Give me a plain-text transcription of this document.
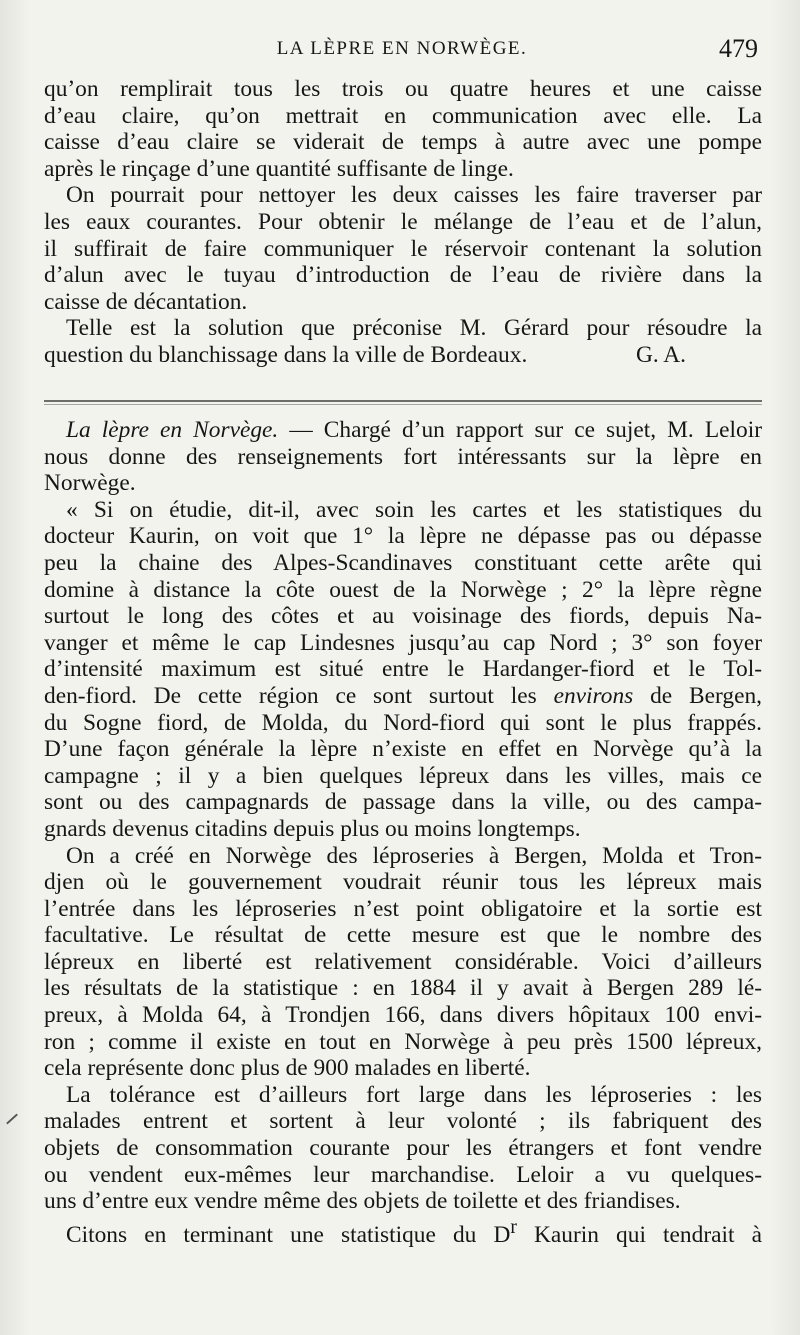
LA LÈPRE EN NORWÈGE.	479
qu’on remplirait tous les trois ou quatre heures et une caisse
d’eau claire, qu’on mettrait en communication avec elle. La
caisse d’eau claire se viderait de temps à autre avec une pompe
après le rinçage d’une quantité suffisante de linge.
On pourrait pour nettoyer les deux caisses les faire traverser par
les eaux courantes. Pour obtenir le mélange de l’eau et de l’alun,
il suffirait de faire communiquer le réservoir contenant la solution
d’alun avec le tuyau d’introduction de l’eau de rivière dans la
caisse de décantation.
Telle est la solution que préconise M. Gérard pour résoudre la
question du blanchissage dans la ville de Bordeaux.	G. A.
La lèpre en Norvège. — Chargé d’un rapport sur ce sujet, M. Leloir
nous donne des renseignements fort intéressants sur la lèpre en
Norwège.
« Si on étudie, dit-il, avec soin les cartes et les statistiques du
docteur Kaurin, on voit que 1° la lèpre ne dépasse pas ou dépasse
peu la chaine des Alpes-Scandinaves constituant cette arête qui
domine à distance la côte ouest de la Norwège ; 2° la lèpre règne
surtout le long des côtes et au voisinage des fiords, depuis Na-
vanger et même le cap Lindesnes jusqu’au cap Nord ; 3° son foyer
d’intensité maximum est situé entre le Hardanger-fiord et le Tol-
den-fiord. De cette région ce sont surtout les environs de Bergen,
du Sogne fiord, de Molda, du Nord-fiord qui sont le plus frappés.
D’une façon générale la lèpre n’existe en effet en Norvège qu’à la
campagne ; il y a bien quelques lépreux dans les villes, mais ce
sont ou des campagnards de passage dans la ville, ou des campa-
gnards devenus citadins depuis plus ou moins longtemps.
On a créé en Norwège des léproseries à Bergen, Molda et Tron-
djen où le gouvernement voudrait réunir tous les lépreux mais
l’entrée dans les léproseries n’est point obligatoire et la sortie est
facultative. Le résultat de cette mesure est que le nombre des
lépreux en liberté est relativement considérable. Voici d’ailleurs
les résultats de la statistique : en 1884 il y avait à Bergen 289 lé-
preux, à Molda 64, à Trondjen 166, dans divers hôpitaux 100 envi-
ron ; comme il existe en tout en Norwège à peu près 1500 lépreux,
cela représente donc plus de 900 malades en liberté.
La tolérance est d’ailleurs fort large dans les léproseries : les
malades entrent et sortent à leur volonté ; ils fabriquent des
objets de consommation courante pour les étrangers et font vendre
ou vendent eux-mêmes leur marchandise. Leloir a vu quelques-
uns d’entre eux vendre même des objets de toilette et des friandises.
Citons en terminant une statistique du $D^r$ Kaurin qui tendrait à
